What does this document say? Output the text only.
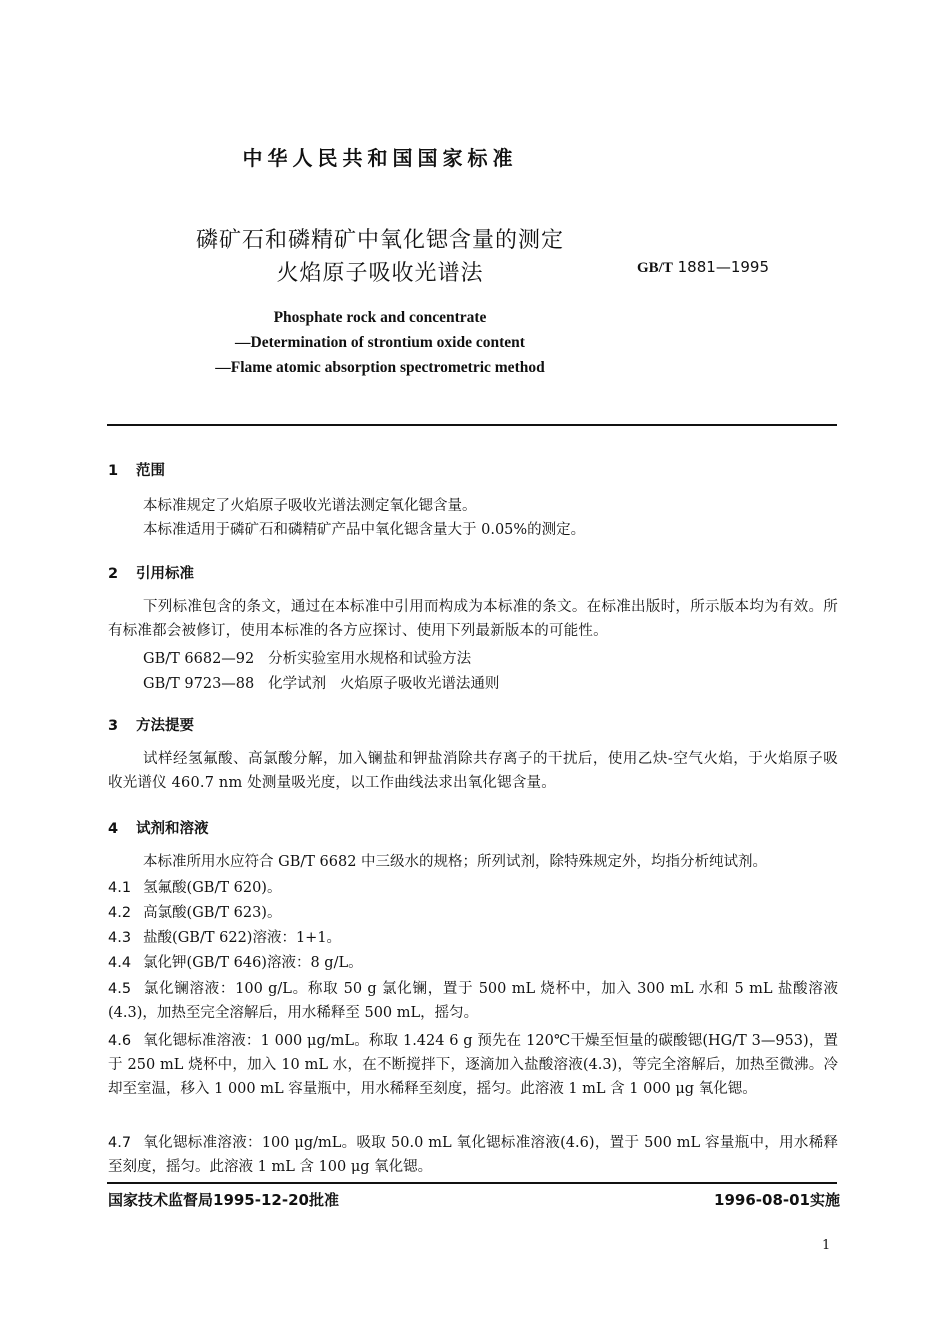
中华人民共和国国家标准
磷矿石和磷精矿中氧化锶含量的测定
火焰原子吸收光谱法	GB/T 1881—1995
Phosphate rock and concentrate
—Determination of strontium oxide content
—Flame atomic absorption spectrometric method
1 范围
本标准规定了火焰原子吸收光谱法测定氧化锶含量。
本标准适用于磷矿石和磷精矿产品中氧化锶含量大于 0.05%的测定。
2 引用标准
下列标准包含的条文，通过在本标准中引用而构成为本标准的条文。在标准出版时，所示版本均为有效。所有标准都会被修订，使用本标准的各方应探讨、使用下列最新版本的可能性。
GB/T 6682—92   分析实验室用水规格和试验方法
GB/T 9723—88   化学试剂   火焰原子吸收光谱法通则
3 方法提要
试样经氢氟酸、高氯酸分解，加入镧盐和钾盐消除共存离子的干扰后，使用乙炔-空气火焰，于火焰原子吸收光谱仪 460.7 nm 处测量吸光度，以工作曲线法求出氧化锶含量。
4 试剂和溶液
本标准所用水应符合 GB/T 6682 中三级水的规格；所列试剂，除特殊规定外，均指分析纯试剂。
4.1 氢氟酸(GB/T 620)。
4.2 高氯酸(GB/T 623)。
4.3 盐酸(GB/T 622)溶液：1+1。
4.4 氯化钾(GB/T 646)溶液：8 g/L。
4.5 氯化镧溶液：100 g/L。称取 50 g 氯化镧，置于 500 mL 烧杯中，加入 300 mL 水和 5 mL 盐酸溶液(4.3)，加热至完全溶解后，用水稀释至 500 mL，摇匀。
4.6 氧化锶标准溶液：1 000 μg/mL。称取 1.424 6 g 预先在 120℃干燥至恒量的碳酸锶(HG/T 3—953)，置于 250 mL 烧杯中，加入 10 mL 水，在不断搅拌下，逐滴加入盐酸溶液(4.3)，等完全溶解后，加热至微沸。冷却至室温，移入 1 000 mL 容量瓶中，用水稀释至刻度，摇匀。此溶液 1 mL 含 1 000 μg 氧化锶。
4.7 氧化锶标准溶液：100 μg/mL。吸取 50.0 mL 氧化锶标准溶液(4.6)，置于 500 mL 容量瓶中，用水稀释至刻度，摇匀。此溶液 1 mL 含 100 μg 氧化锶。
国家技术监督局1995-12-20批准	1996-08-01实施
1
